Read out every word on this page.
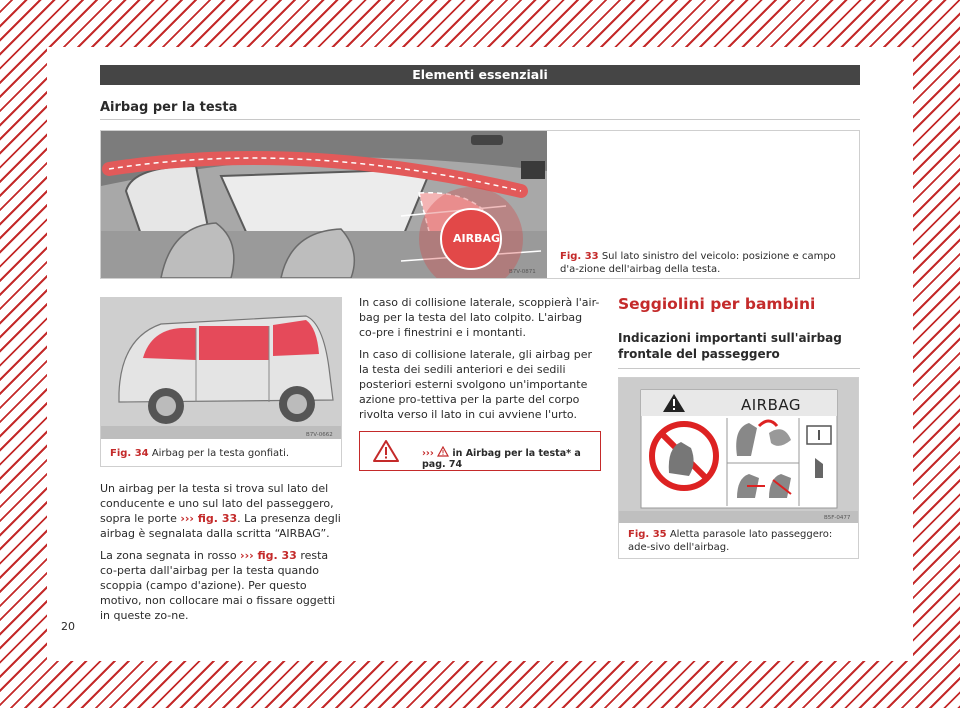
Elementi essenziali
Airbag per la testa
AIRBAG
B7V-0871
Fig. 33 Sul lato sinistro del veicolo: posizione e campo d'a-zione dell'airbag della testa.
B7V-0662
Fig. 34 Airbag per la testa gonfiati.

Un airbag per la testa si trova sul lato del conducente e uno sul lato del passeggero, sopra le porte ››› fig. 33. La presenza degli airbag è segnalata dalla scritta “AIRBAG”.

La zona segnata in rosso ››› fig. 33 resta co-perta dall'airbag per la testa quando scoppia (campo d'azione). Per questo motivo, non collocare mai o fissare oggetti in queste zo-ne.

In caso di collisione laterale, scoppierà l'air-bag per la testa del lato colpito. L'airbag co-pre i finestrini e i montanti.

In caso di collisione laterale, gli airbag per la testa dei sedili anteriori e dei sedili posteriori esterni svolgono un'importante azione pro-tettiva per la parte del corpo rivolta verso il lato in cui avviene l'urto.

›››  in Airbag per la testa* a pag. 74
Seggiolini per bambini
Indicazioni importanti sull'airbag frontale del passeggero
AIRBAG
B5F-0477
Fig. 35 Aletta parasole lato passeggero: ade-sivo dell'airbag.
20
